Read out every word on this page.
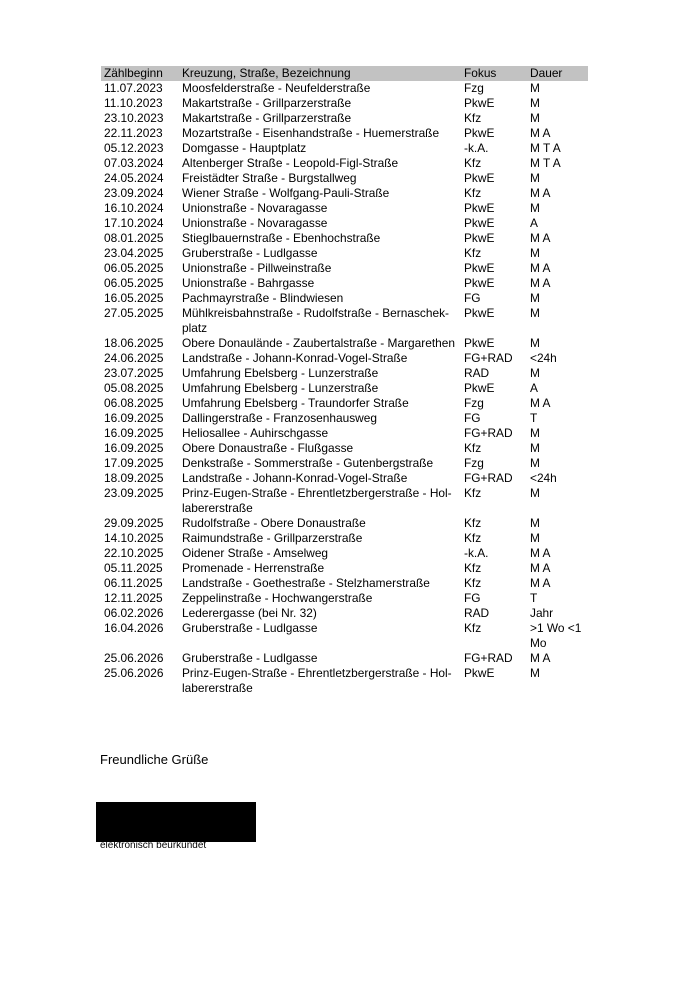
Zählbeginn	Kreuzung, Straße, Bezeichnung	Fokus	Dauer
11.07.2023	Moosfelderstraße - Neufelderstraße	Fzg	M
11.10.2023	Makartstraße - Grillparzerstraße	PkwE	M
23.10.2023	Makartstraße - Grillparzerstraße	Kfz	M
22.11.2023	Mozartstraße - Eisenhandstraße - Huemerstraße	PkwE	M A
05.12.2023	Domgasse - Hauptplatz	-k.A.	M T A
07.03.2024	Altenberger Straße - Leopold-Figl-Straße	Kfz	M T A
24.05.2024	Freistädter Straße - Burgstallweg	PkwE	M
23.09.2024	Wiener Straße - Wolfgang-Pauli-Straße	Kfz	M A
16.10.2024	Unionstraße - Novaragasse	PkwE	M
17.10.2024	Unionstraße - Novaragasse	PkwE	A
08.01.2025	Stieglbauernstraße - Ebenhochstraße	PkwE	M A
23.04.2025	Gruberstraße - Ludlgasse	Kfz	M
06.05.2025	Unionstraße - Pillweinstraße	PkwE	M A
06.05.2025	Unionstraße - Bahrgasse	PkwE	M A
16.05.2025	Pachmayrstraße - Blindwiesen	FG	M
27.05.2025	Mühlkreisbahnstraße - Rudolfstraße - Bernaschek-platz	PkwE	M
18.06.2025	Obere Donaulände - Zaubertalstraße - Margarethen	PkwE	M
24.06.2025	Landstraße - Johann-Konrad-Vogel-Straße	FG+RAD	<24h
23.07.2025	Umfahrung Ebelsberg - Lunzerstraße	RAD	M
05.08.2025	Umfahrung Ebelsberg - Lunzerstraße	PkwE	A
06.08.2025	Umfahrung Ebelsberg - Traundorfer Straße	Fzg	M A
16.09.2025	Dallingerstraße - Franzosenhausweg	FG	T
16.09.2025	Heliosallee - Auhirschgasse	FG+RAD	M
16.09.2025	Obere Donaustraße - Flußgasse	Kfz	M
17.09.2025	Denkstraße - Sommerstraße - Gutenbergstraße	Fzg	M
18.09.2025	Landstraße - Johann-Konrad-Vogel-Straße	FG+RAD	<24h
23.09.2025	Prinz-Eugen-Straße - Ehrentletzbergerstraße - Hol-labererstraße	Kfz	M
29.09.2025	Rudolfstraße - Obere Donaustraße	Kfz	M
14.10.2025	Raimundstraße - Grillparzerstraße	Kfz	M
22.10.2025	Oidener Straße - Amselweg	-k.A.	M A
05.11.2025	Promenade - Herrenstraße	Kfz	M A
06.11.2025	Landstraße - Goethestraße - Stelzhamerstraße	Kfz	M A
12.11.2025	Zeppelinstraße - Hochwangerstraße	FG	T
06.02.2026	Lederergasse (bei Nr. 32)	RAD	Jahr
16.04.2026	Gruberstraße - Ludlgasse	Kfz	>1 Wo <1 Mo
25.06.2026	Gruberstraße - Ludlgasse	FG+RAD	M A
25.06.2026	Prinz-Eugen-Straße - Ehrentletzbergerstraße - Hol-labererstraße	PkwE	M
Freundliche Grüße
elektronisch beurkundet
